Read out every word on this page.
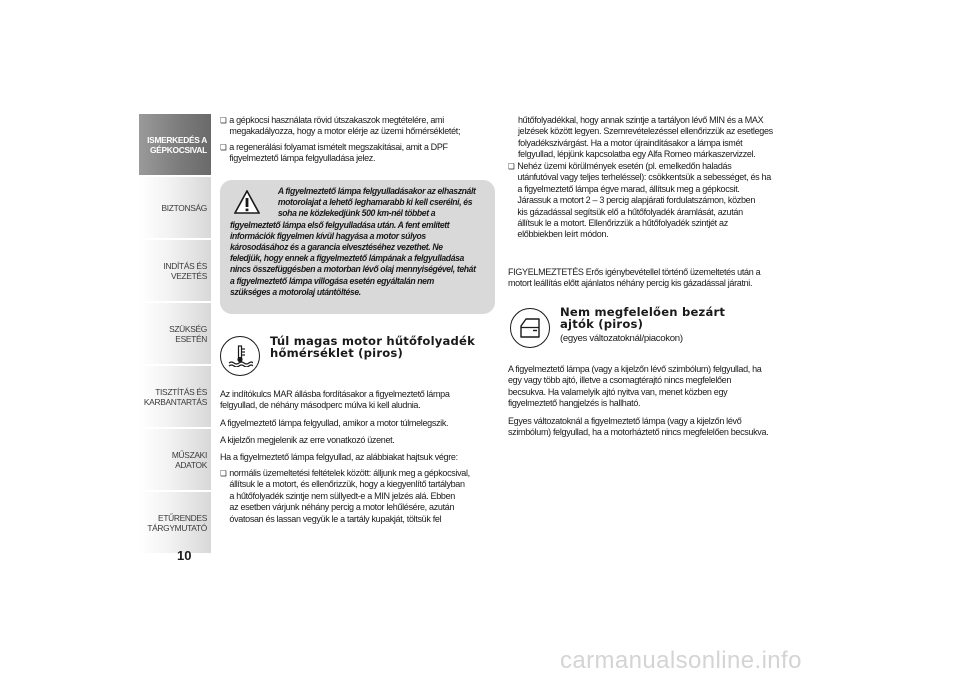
ISMERKEDÉS A
GÉPKOCSIVAL
BIZTONSÁG
INDÍTÁS ÉS VEZETÉS
SZÜKSÉG ESETÉN
TISZTÍTÁS ÉS
KARBANTARTÁS
MŰSZAKI ADATOK
ETŰRENDES
TÁRGYMUTATÓ
10

❏ a gépkocsi használata rövid útszakaszok megtételére, ami
megakadályozza, hogy a motor elérje az üzemi hőmérsékletét;

❏ a regenerálási folyamat ismételt megszakításai, amit a DPF
figyelmeztető lámpa felgyulladása jelez.

A figyelmeztető lámpa felgyulladásakor az elhasznált
motorolajat a lehető leghamarabb ki kell cserélni, és
soha ne közlekedjünk 500 km-nél többet a
figyelmeztető lámpa első felgyulladása után. A fent említett
információk figyelmen kívül hagyása a motor súlyos
károsodásához és a garancia elvesztéséhez vezethet. Ne
feledjük, hogy ennek a figyelmeztető lámpának a felgyulladása
nincs összefüggésben a motorban lévő olaj mennyiségével, tehát
a figyelmeztető lámpa villogása esetén egyáltalán nem
szükséges a motorolaj utántöltése.

Túl magas motor hűtőfolyadék
hőmérséklet (piros)

Az indítókulcs MAR állásba fordításakor a figyelmeztető lámpa
felgyullad, de néhány másodperc múlva ki kell aludnia.

A figyelmeztető lámpa felgyullad, amikor a motor túlmelegszik.

A kijelzőn megjelenik az erre vonatkozó üzenet.

Ha a figyelmeztető lámpa felgyullad, az alábbiakat hajtsuk végre:

❏ normális üzemeltetési feltételek között: álljunk meg a gépkocsival,
állítsuk le a motort, és ellenőrizzük, hogy a kiegyenlítő tartályban
a hűtőfolyadék szintje nem süllyedt-e a MIN jelzés alá. Ebben
az esetben várjunk néhány percig a motor lehűlésére, azután
óvatosan és lassan vegyük le a tartály kupakját, töltsük fel

hűtőfolyadékkal, hogy annak szintje a tartályon lévő MIN és a MAX
jelzések között legyen. Szemrevételezéssel ellenőrizzük az esetleges
folyadékszivárgást. Ha a motor újraindításakor a lámpa ismét
felgyullad, lépjünk kapcsolatba egy Alfa Romeo márkaszervizzel.

❏ Nehéz üzemi körülmények esetén (pl. emelkedőn haladás
utánfutóval vagy teljes terheléssel): csökkentsük a sebességet, és ha
a figyelmeztető lámpa égve marad, állítsuk meg a gépkocsit.
Járassuk a motort 2 – 3 percig alapjárati fordulatszámon, közben
kis gázadással segítsük elő a hűtőfolyadék áramlását, azután
állítsuk le a motort. Ellenőrizzük a hűtőfolyadék szintjét az
előbbiekben leírt módon.

FIGYELMEZTETÉS Erős igénybevétellel történő üzemeltetés után a
motort leállítás előtt ajánlatos néhány percig kis gázadással járatni.

Nem megfelelően bezárt
ajtók (piros)

(egyes változatoknál/piacokon)

A figyelmeztető lámpa (vagy a kijelzőn lévő szimbólum) felgyullad, ha
egy vagy több ajtó, illetve a csomagtérajtó nincs megfelelően
becsukva. Ha valamelyik ajtó nyitva van, menet közben egy
figyelmeztető hangjelzés is hallható.

Egyes változatoknál a figyelmeztető lámpa (vagy a kijelzőn lévő
szimbólum) felgyullad, ha a motorháztető nincs megfelelően becsukva.

carmanualsonline.info
